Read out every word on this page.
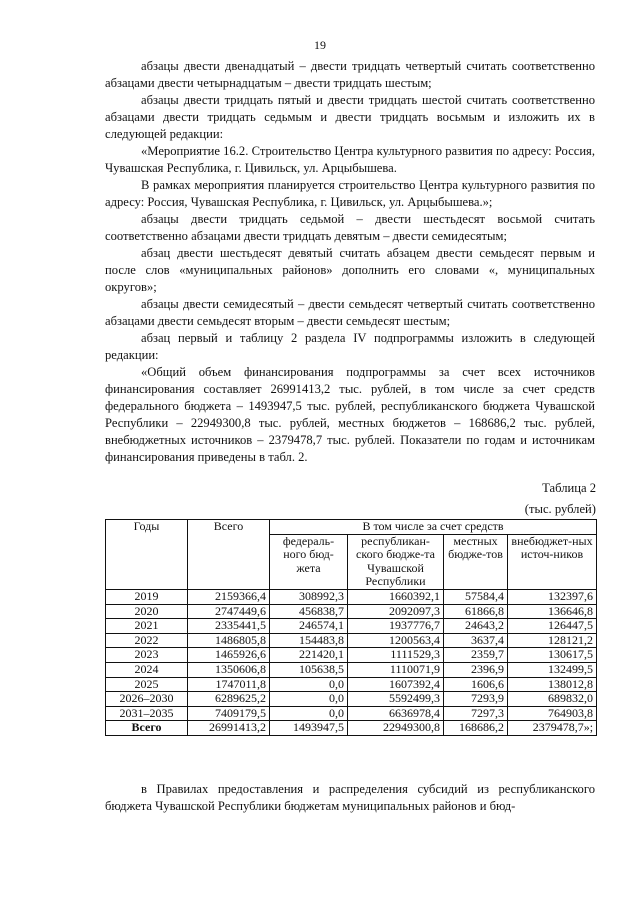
19

абзацы двести двенадцатый – двести тридцать четвертый считать соответственно абзацами двести четырнадцатым – двести тридцать шестым;

абзацы двести тридцать пятый и двести тридцать шестой считать соответственно абзацами двести тридцать седьмым и двести тридцать восьмым и изложить их в следующей редакции:

«Мероприятие 16.2. Строительство Центра культурного развития по адресу: Россия, Чувашская Республика, г. Цивильск, ул. Арцыбышева.

В рамках мероприятия планируется строительство Центра культурного развития по адресу: Россия, Чувашская Республика, г. Цивильск, ул. Арцыбышева.»;

абзацы двести тридцать седьмой – двести шестьдесят восьмой считать соответственно абзацами двести тридцать девятым – двести семидесятым;

абзац двести шестьдесят девятый считать абзацем двести семьдесят первым и после слов «муниципальных районов» дополнить его словами «, муниципальных округов»;

абзацы двести семидесятый – двести семьдесят четвертый считать соответственно абзацами двести семьдесят вторым – двести семьдесят шестым;

абзац первый и таблицу 2 раздела IV подпрограммы изложить в следующей редакции:

«Общий объем финансирования подпрограммы за счет всех источников финансирования составляет 26991413,2 тыс. рублей, в том числе за счет средств федерального бюджета – 1493947,5 тыс. рублей, республиканского бюджета Чувашской Республики – 22949300,8 тыс. рублей, местных бюджетов – 168686,2 тыс. рублей, внебюджетных источников – 2379478,7 тыс. рублей. Показатели по годам и источникам финансирования приведены в табл. 2.

Таблица 2
(тыс. рублей)
Годы	Всего	В том числе за счет средств			
		федераль-ного бюд-жета	республикан-ского бюдже-та Чувашской Республики	местных бюдже-тов	внебюджет-ных источ-ников
2019	2159366,4	308992,3	1660392,1	57584,4	132397,6
2020	2747449,6	456838,7	2092097,3	61866,8	136646,8
2021	2335441,5	246574,1	1937776,7	24643,2	126447,5
2022	1486805,8	154483,8	1200563,4	3637,4	128121,2
2023	1465926,6	221420,1	1111529,3	2359,7	130617,5
2024	1350606,8	105638,5	1110071,9	2396,9	132499,5
2025	1747011,8	0,0	1607392,4	1606,6	138012,8
2026–2030	6289625,2	0,0	5592499,3	7293,9	689832,0
2031–2035	7409179,5	0,0	6636978,4	7297,3	764903,8
Всего	26991413,2	1493947,5	22949300,8	168686,2	2379478,7»;

в Правилах предоставления и распределения субсидий из республиканского бюджета Чувашской Республики бюджетам муниципальных районов и бюд-
